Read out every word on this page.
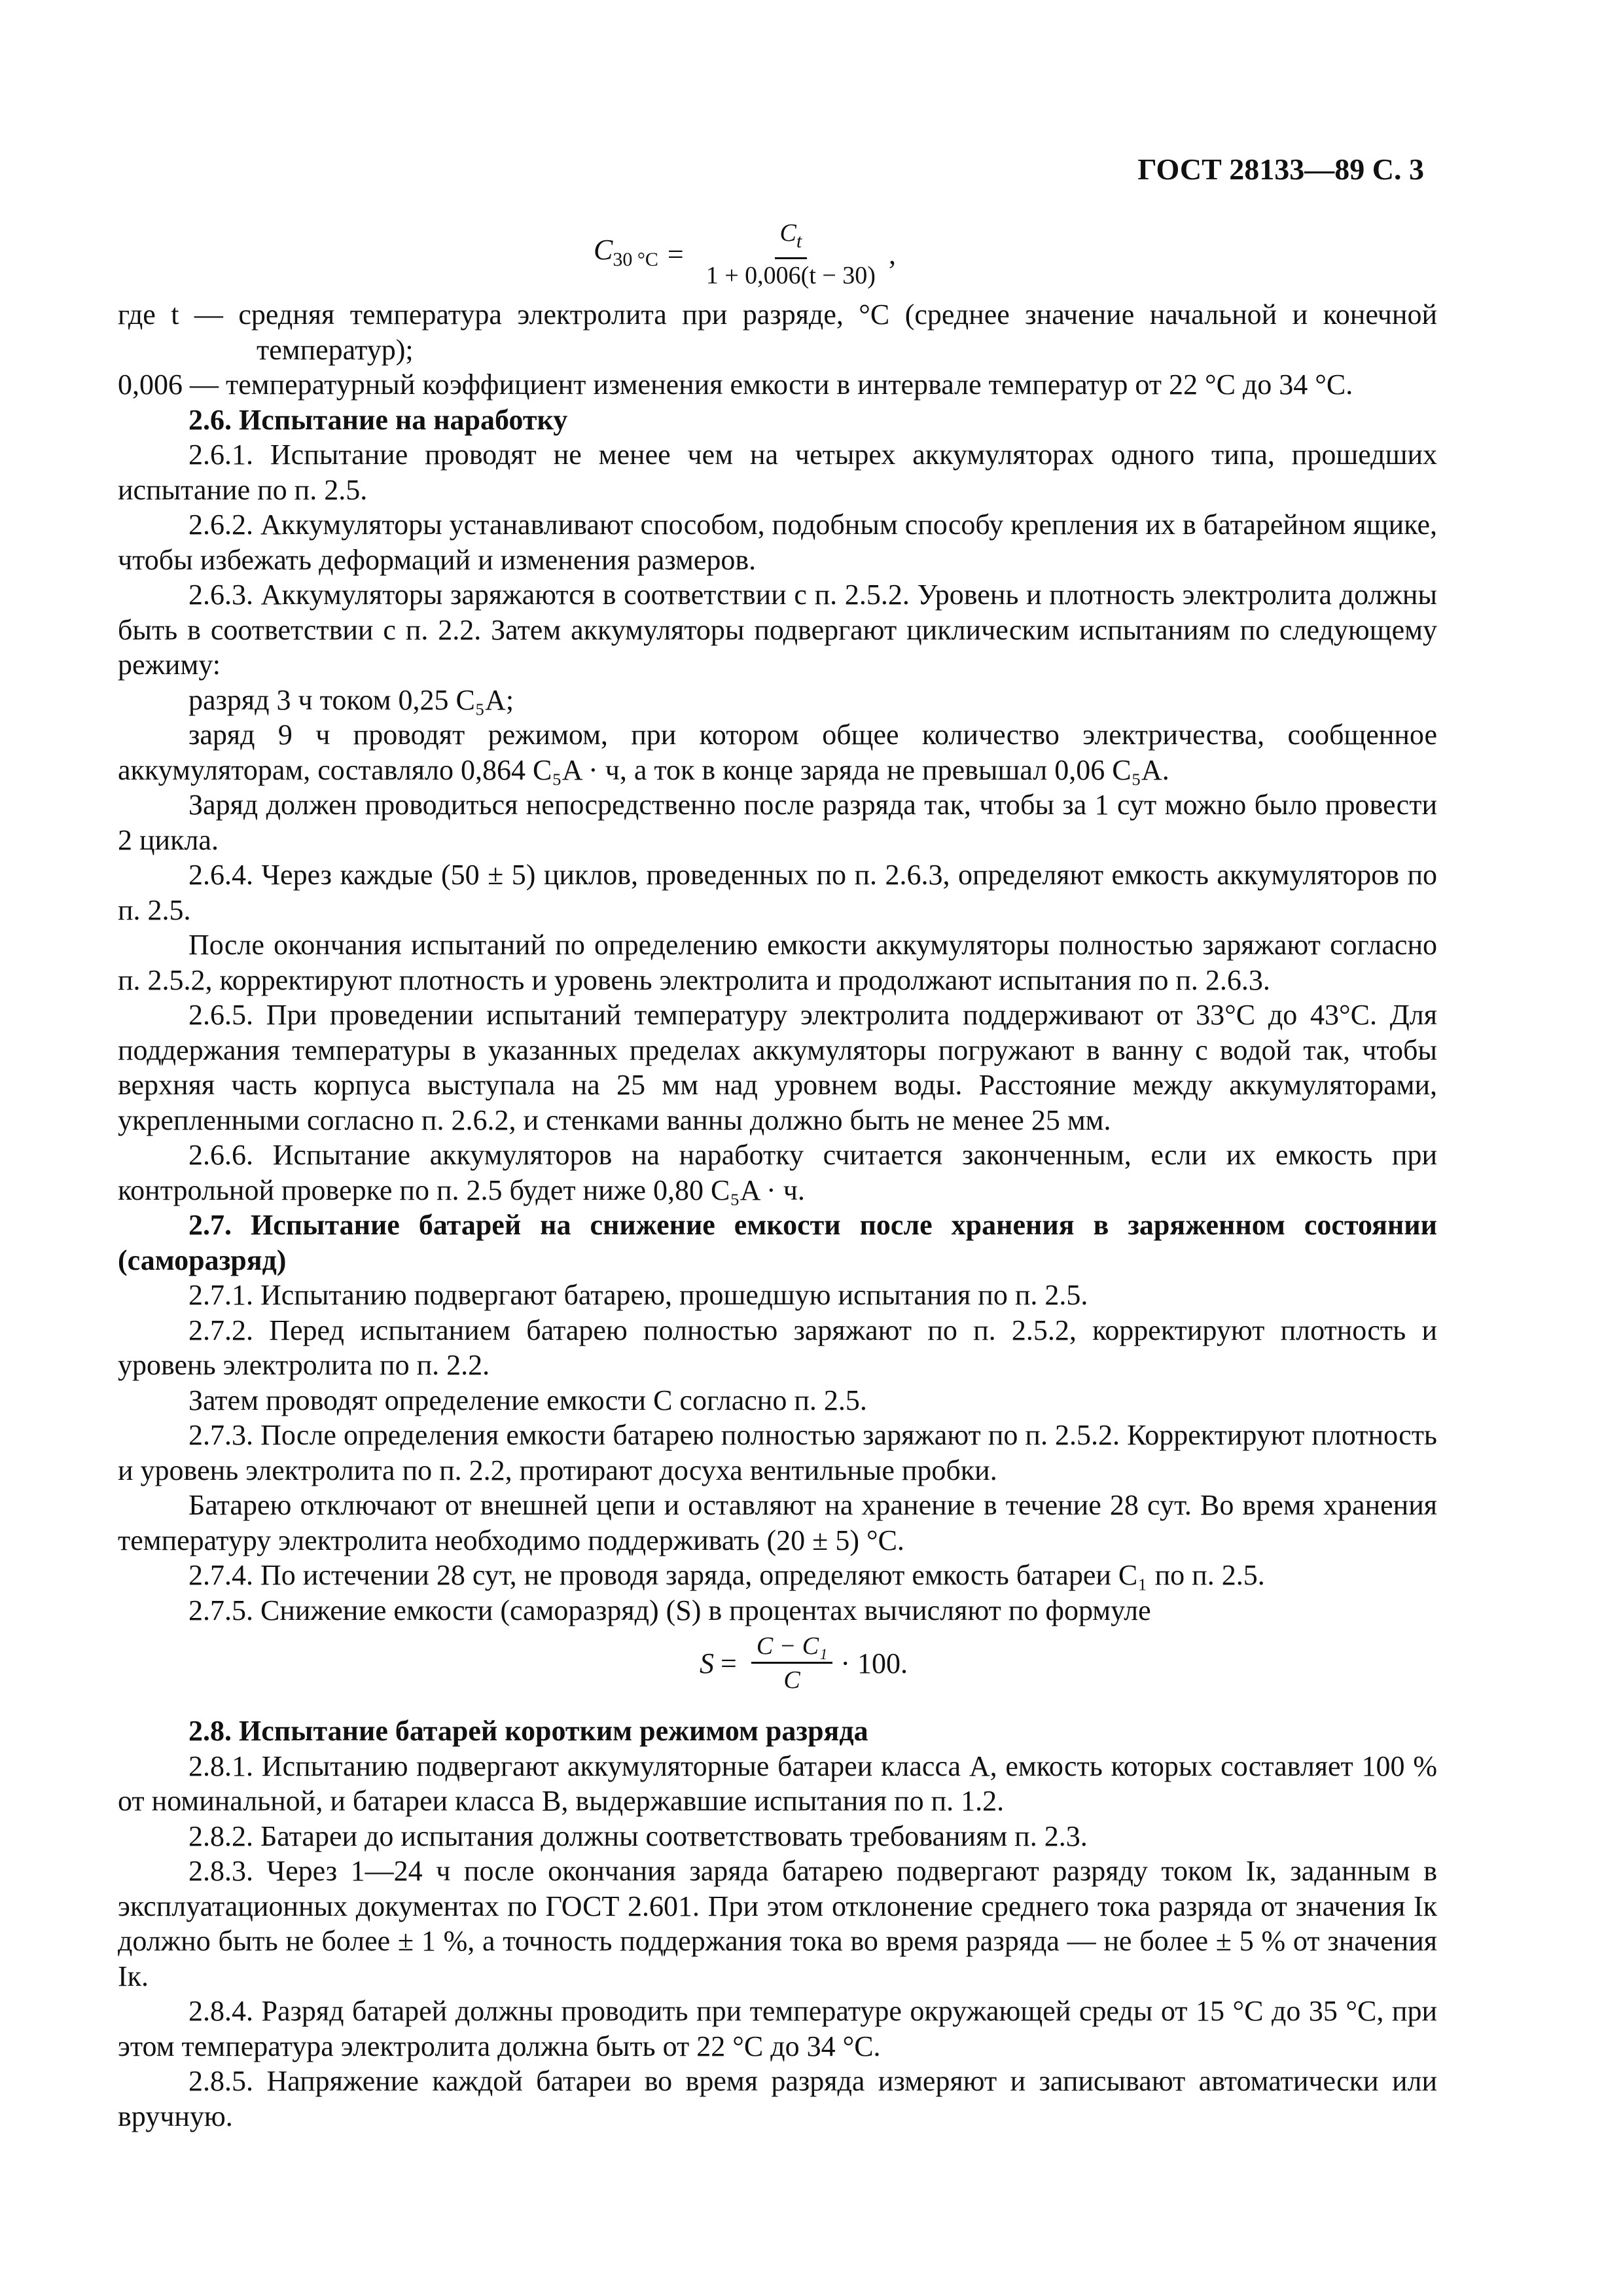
ГОСТ 28133—89 С. 3
$C_{30 ^\circ C} = \frac{C_t}{1 + 0,006(t - 30)}$ ,

где t — средняя температура электролита при разряде, °С (среднее значение начальной и конечной температур);

0,006 — температурный коэффициент изменения емкости в интервале температур от 22 °С до 34 °С.

2.6. Испытание на наработку

2.6.1. Испытание проводят не менее чем на четырех аккумуляторах одного типа, прошедших испытание по п. 2.5.

2.6.2. Аккумуляторы устанавливают способом, подобным способу крепления их в батарейном ящике, чтобы избежать деформаций и изменения размеров.

2.6.3. Аккумуляторы заряжаются в соответствии с п. 2.5.2. Уровень и плотность электролита должны быть в соответствии с п. 2.2. Затем аккумуляторы подвергают циклическим испытаниям по следующему режиму:

разряд 3 ч током 0,25 C₅A;

заряд 9 ч проводят режимом, при котором общее количество электричества, сообщенное аккумуляторам, составляло 0,864 C₅A · ч, а ток в конце заряда не превышал 0,06 C₅A.

Заряд должен проводиться непосредственно после разряда так, чтобы за 1 сут можно было провести 2 цикла.

2.6.4. Через каждые (50 ± 5) циклов, проведенных по п. 2.6.3, определяют емкость аккумуляторов по п. 2.5.

После окончания испытаний по определению емкости аккумуляторы полностью заряжают согласно п. 2.5.2, корректируют плотность и уровень электролита и продолжают испытания по п. 2.6.3.

2.6.5. При проведении испытаний температуру электролита поддерживают от 33°С до 43°С. Для поддержания температуры в указанных пределах аккумуляторы погружают в ванну с водой так, чтобы верхняя часть корпуса выступала на 25 мм над уровнем воды. Расстояние между аккумуляторами, укрепленными согласно п. 2.6.2, и стенками ванны должно быть не менее 25 мм.

2.6.6. Испытание аккумуляторов на наработку считается законченным, если их емкость при контрольной проверке по п. 2.5 будет ниже 0,80 C₅A · ч.

2.7. Испытание батарей на снижение емкости после хранения в заряженном состоянии (саморазряд)

2.7.1. Испытанию подвергают батарею, прошедшую испытания по п. 2.5.

2.7.2. Перед испытанием батарею полностью заряжают по п. 2.5.2, корректируют плотность и уровень электролита по п. 2.2.

Затем проводят определение емкости C согласно п. 2.5.

2.7.3. После определения емкости батарею полностью заряжают по п. 2.5.2. Корректируют плотность и уровень электролита по п. 2.2, протирают досуха вентильные пробки.

Батарею отключают от внешней цепи и оставляют на хранение в течение 28 сут. Во время хранения температуру электролита необходимо поддерживать (20 ± 5) °С.

2.7.4. По истечении 28 сут, не проводя заряда, определяют емкость батареи C₁ по п. 2.5.

2.7.5. Снижение емкости (саморазряд) (S) в процентах вычисляют по формуле

$S = \frac{\text{C − C₁}}{C} \cdot 100$.

2.8. Испытание батарей коротким режимом разряда

2.8.1. Испытанию подвергают аккумуляторные батареи класса А, емкость которых составляет 100 % от номинальной, и батареи класса В, выдержавшие испытания по п. 1.2.

2.8.2. Батареи до испытания должны соответствовать требованиям п. 2.3.

2.8.3. Через 1—24 ч после окончания заряда батарею подвергают разряду током Iк, заданным в эксплуатационных документах по ГОСТ 2.601. При этом отклонение среднего тока разряда от значения Iк должно быть не более ± 1 %, а точность поддержания тока во время разряда — не более ± 5 % от значения Iк.

2.8.4. Разряд батарей должны проводить при температуре окружающей среды от 15 °С до 35 °С, при этом температура электролита должна быть от 22 °С до 34 °С.

2.8.5. Напряжение каждой батареи во время разряда измеряют и записывают автоматически или вручную.
